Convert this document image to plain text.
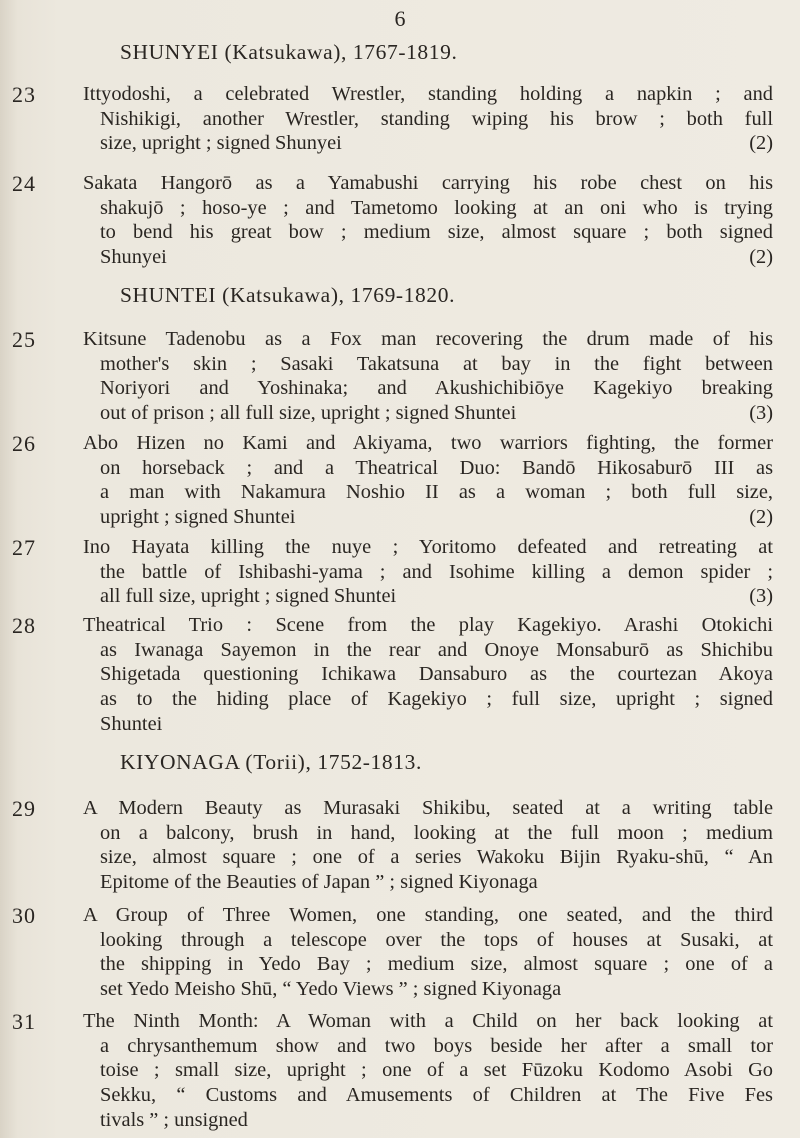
6
SHUNYEI (Katsukawa), 1767-1819.
23	Ittyodoshi, a celebrated Wrestler, standing holding a napkin ; and
Nishikigi, another Wrestler, standing wiping his brow ; both full
size, upright ; signed Shunyei	(2)
24	Sakata Hangorō as a Yamabushi carrying his robe chest on his
shakujō ; hoso-ye ; and Tametomo looking at an oni who is trying
to bend his great bow ; medium size, almost square ; both signed
Shunyei	(2)
SHUNTEI (Katsukawa), 1769-1820.
25	Kitsune Tadenobu as a Fox man recovering the drum made of his
mother's skin ; Sasaki Takatsuna at bay in the fight between
Noriyori and Yoshinaka; and Akushichibiōye Kagekiyo breaking
out of prison ; all full size, upright ; signed Shuntei	(3)
26	Abo Hizen no Kami and Akiyama, two warriors fighting, the former
on horseback ; and a Theatrical Duo: Bandō Hikosaburō III as
a man with Nakamura Noshio II as a woman ; both full size,
upright ; signed Shuntei	(2)
27	Ino Hayata killing the nuye ; Yoritomo defeated and retreating at
the battle of Ishibashi-yama ; and Isohime killing a demon spider ;
all full size, upright ; signed Shuntei	(3)
28	Theatrical Trio : Scene from the play Kagekiyo. Arashi Otokichi
as Iwanaga Sayemon in the rear and Onoye Monsaburō as Shichibu
Shigetada questioning Ichikawa Dansaburo as the courtezan Akoya
as to the hiding place of Kagekiyo ; full size, upright ; signed
Shuntei
KIYONAGA (Torii), 1752-1813.
29	A Modern Beauty as Murasaki Shikibu, seated at a writing table
on a balcony, brush in hand, looking at the full moon ; medium
size, almost square ; one of a series Wakoku Bijin Ryaku-shū, “ An
Epitome of the Beauties of Japan ” ; signed Kiyonaga
30	A Group of Three Women, one standing, one seated, and the third
looking through a telescope over the tops of houses at Susaki, at
the shipping in Yedo Bay ; medium size, almost square ; one of a
set Yedo Meisho Shū, “ Yedo Views ” ; signed Kiyonaga
31	The Ninth Month: A Woman with a Child on her back looking at
a chrysanthemum show and two boys beside her after a small tor
toise ; small size, upright ; one of a set Fūzoku Kodomo Asobi Go
Sekku, “ Customs and Amusements of Children at The Five Fes
tivals ” ; unsigned
